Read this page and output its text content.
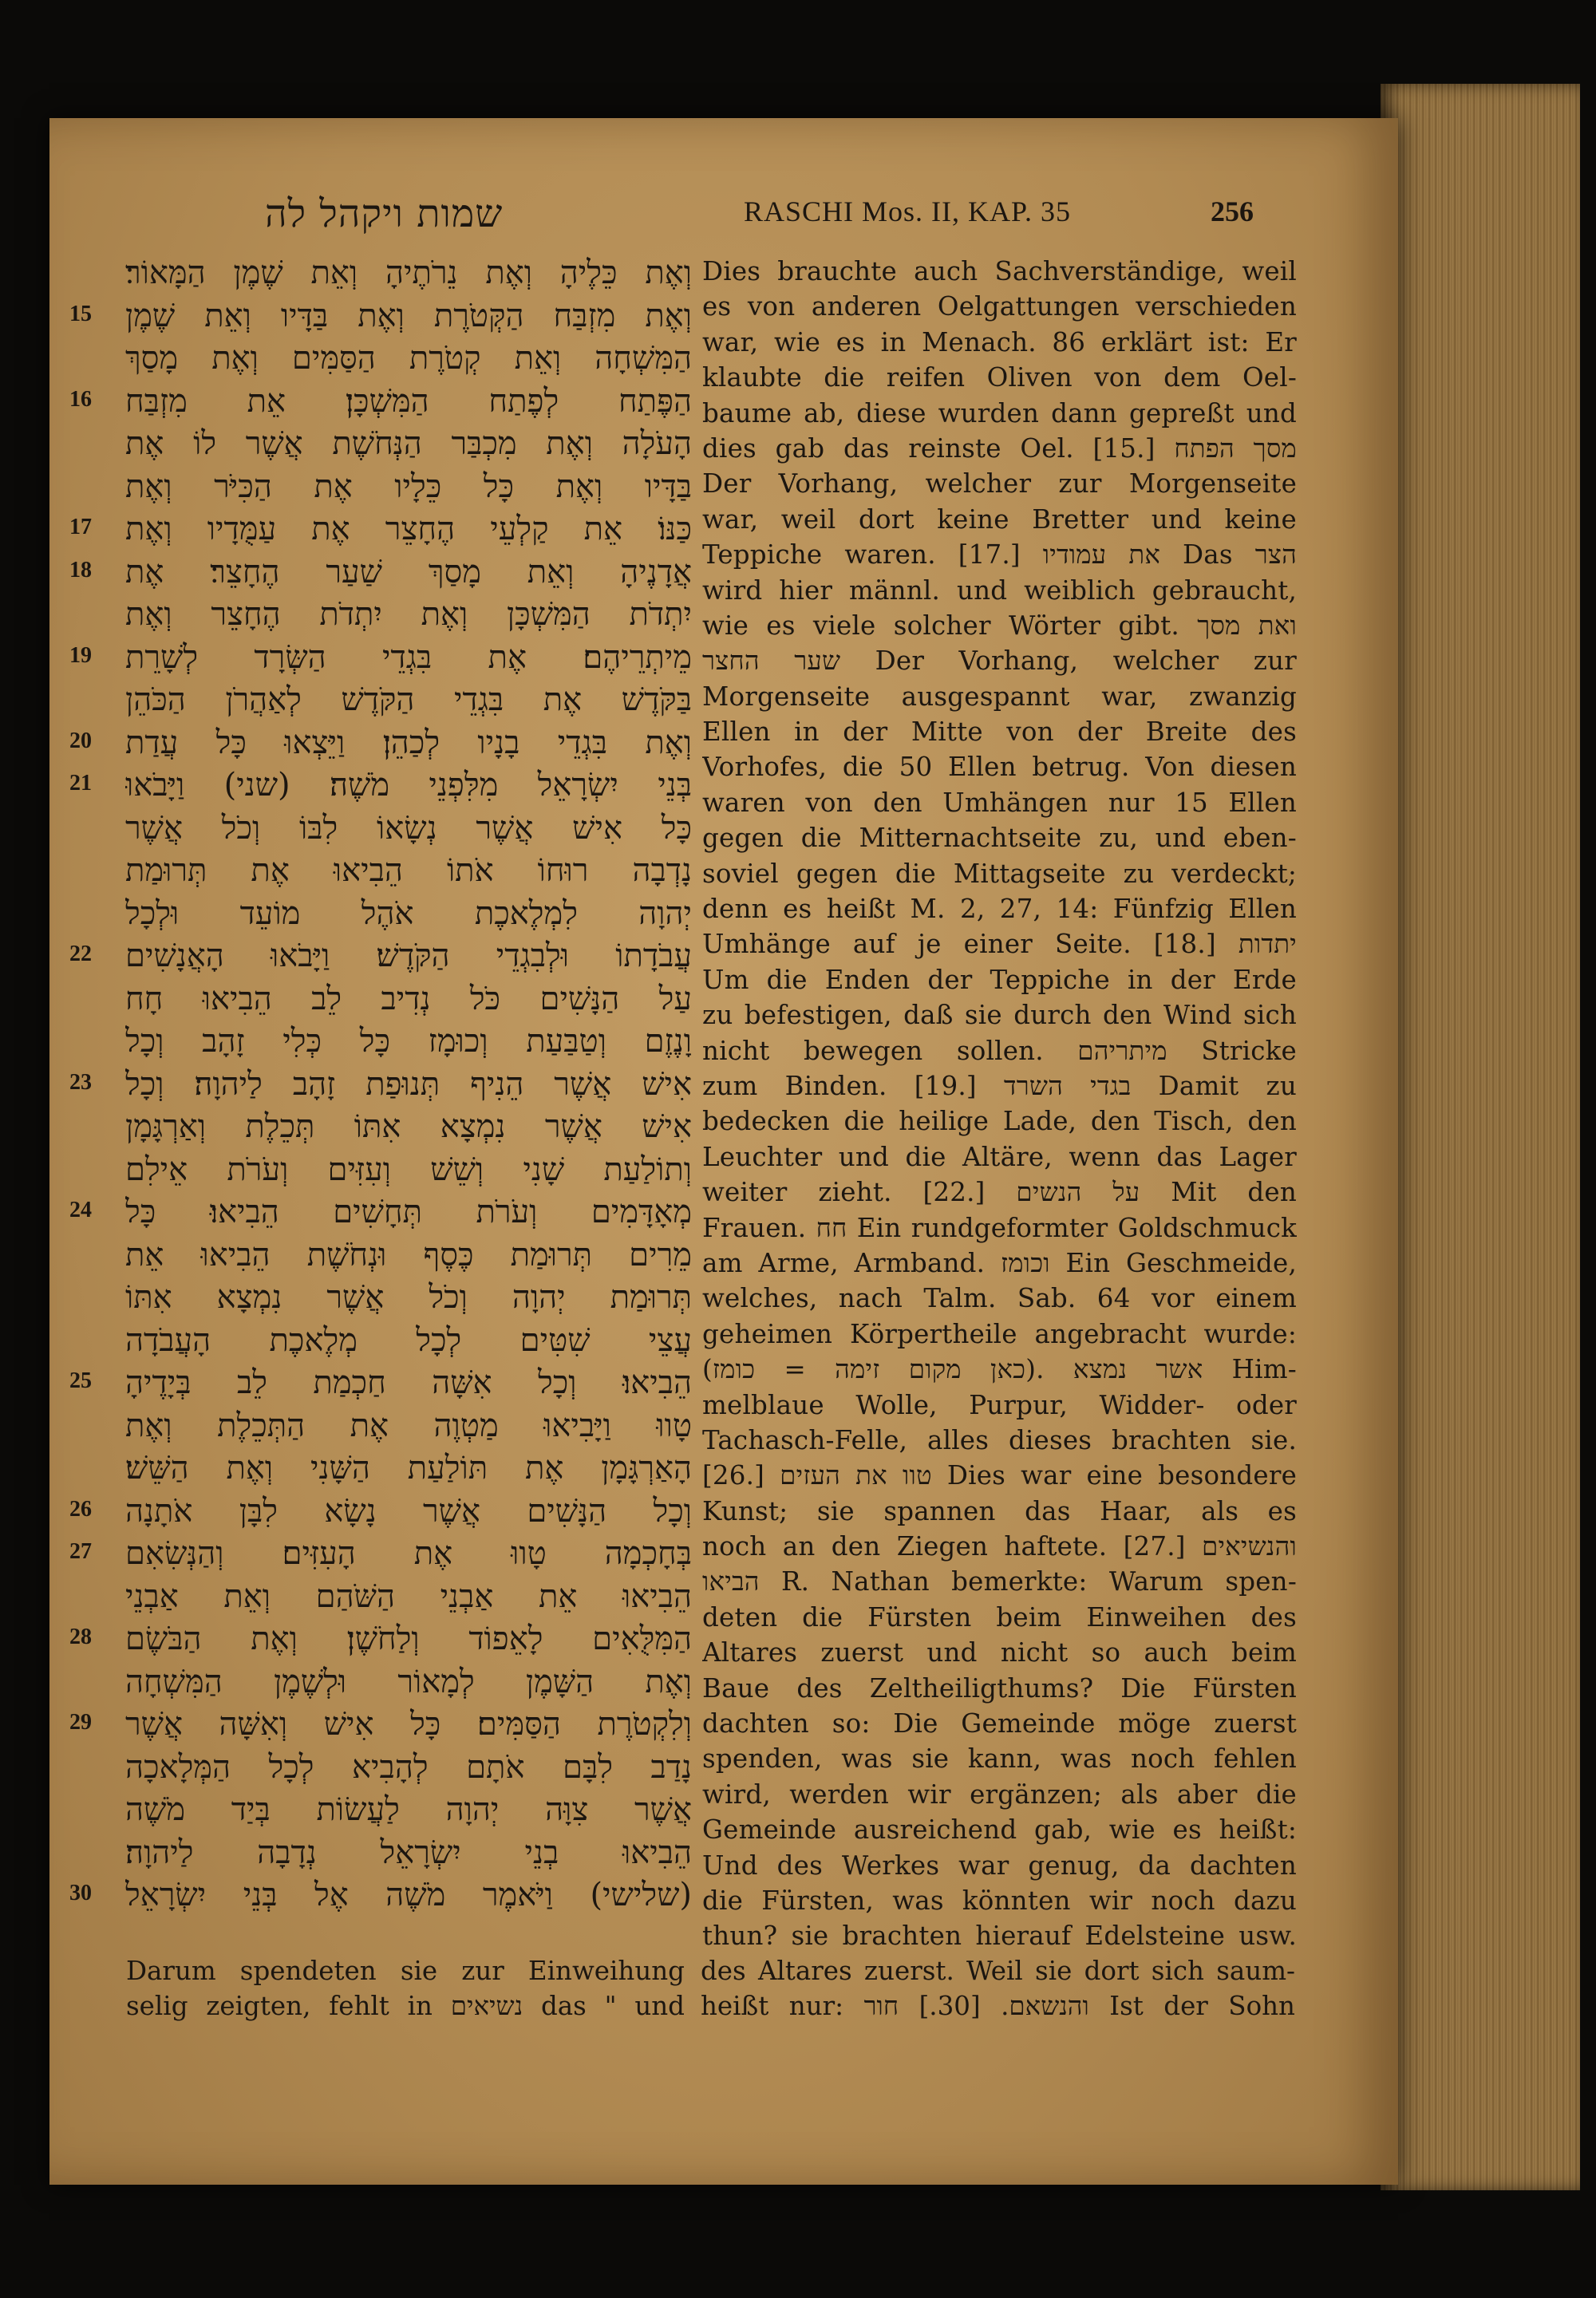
שמות ויקהל לה	RASCHI Mos. II, KAP. 35	256
וְאֶת כֵּלֶיהָ וְאֶת נֵרֹתֶיהָ וְאֵת שֶׁמֶן הַמָּאוֹר׃
וְאֶת מִזְבַּח הַקְּטֹרֶת וְאֶת בַּדָּיו וְאֵת שֶׁמֶן
הַמִּשְׁחָה וְאֵת קְטֹרֶת הַסַּמִּים וְאֶת מָסַךְ
הַפֶּתַח לְפֶתַח הַמִּשְׁכָּן׃ אֵת מִזְבַּח
הָעֹלָה וְאֶת מִכְבַּר הַנְּחֹשֶׁת אֲשֶׁר לוֹ אֶת
בַּדָּיו וְאֶת כָּל כֵּלָיו אֶת הַכִּיֹּר וְאֶת
כַּנּוֹ׃ אֵת קַלְעֵי הֶחָצֵר אֶת עַמֻּדָיו וְאֶת
אֲדָנֶיהָ וְאֵת מָסַךְ שַׁעַר הֶחָצֵר׃ אֶת
יִתְדֹת הַמִּשְׁכָּן וְאֶת יִתְדֹת הֶחָצֵר וְאֶת
מֵיתְרֵיהֶם׃ אֶת בִּגְדֵי הַשְּׂרָד לְשָׁרֵת
בַּקֹּדֶשׁ אֶת בִּגְדֵי הַקֹּדֶשׁ לְאַהֲרֹן הַכֹּהֵן
וְאֶת בִּגְדֵי בָנָיו לְכַהֵן׃ וַיֵּצְאוּ כָּל עֲדַת
בְּנֵי יִשְׂרָאֵל מִלִּפְנֵי מֹשֶׁה׃ (שני) וַיָּבֹאוּ
כָּל אִישׁ אֲשֶׁר נְשָׂאוֹ לִבּוֹ וְכֹל אֲשֶׁר
נָדְבָה רוּחוֹ אֹתוֹ הֵבִיאוּ אֶת תְּרוּמַת
יְהוָה לִמְלֶאכֶת אֹהֶל מוֹעֵד וּלְכָל
עֲבֹדָתוֹ וּלְבִגְדֵי הַקֹּדֶשׁ׃ וַיָּבֹאוּ הָאֲנָשִׁים
עַל הַנָּשִׁים כֹּל נְדִיב לֵב הֵבִיאוּ חָח
וָנֶזֶם וְטַבַּעַת וְכוּמָז כָּל כְּלִי זָהָב וְכָל
אִישׁ אֲשֶׁר הֵנִיף תְּנוּפַת זָהָב לַיהוָה׃ וְכָל
אִישׁ אֲשֶׁר נִמְצָא אִתּוֹ תְּכֵלֶת וְאַרְגָּמָן
וְתוֹלַעַת שָׁנִי וְשֵׁשׁ וְעִזִּים וְעֹרֹת אֵילִם
מְאָדָּמִים וְעֹרֹת תְּחָשִׁים הֵבִיאוּ׃ כָּל
מֵרִים תְּרוּמַת כֶּסֶף וּנְחֹשֶׁת הֵבִיאוּ אֵת
תְּרוּמַת יְהוָה וְכֹל אֲשֶׁר נִמְצָא אִתּוֹ
עֲצֵי שִׁטִּים לְכָל מְלֶאכֶת הָעֲבֹדָה
הֵבִיאוּ׃ וְכָל אִשָּׁה חַכְמַת לֵב בְּיָדֶיהָ
טָווּ וַיָּבִיאוּ מַטְוֶה אֶת הַתְּכֵלֶת וְאֶת
הָאַרְגָּמָן אֶת תּוֹלַעַת הַשָּׁנִי וְאֶת הַשֵּׁשׁ׃
וְכָל הַנָּשִׁים אֲשֶׁר נָשָׂא לִבָּן אֹתָנָה
בְּחָכְמָה טָווּ אֶת הָעִזִּים׃ וְהַנְּשִׂאִם
הֵבִיאוּ אֵת אַבְנֵי הַשֹּׁהַם וְאֵת אַבְנֵי
הַמִּלֻּאִים לָאֵפוֹד וְלַחֹשֶׁן׃ וְאֶת הַבֹּשֶׂם
וְאֶת הַשָּׁמֶן לְמָאוֹר וּלְשֶׁמֶן הַמִּשְׁחָה
וְלִקְטֹרֶת הַסַּמִּים׃ כָּל אִישׁ וְאִשָּׁה אֲשֶׁר
נָדַב לִבָּם אֹתָם לְהָבִיא לְכָל הַמְּלָאכָה
אֲשֶׁר צִוָּה יְהוָה לַעֲשׂוֹת בְּיַד מֹשֶׁה
הֵבִיאוּ בְנֵי יִשְׂרָאֵל נְדָבָה לַיהוָה׃
(שלישי) וַיֹּאמֶר מֹשֶׁה אֶל בְּנֵי יִשְׂרָאֵל
Dies brauchte auch Sachverständige, weil
es von anderen Oelgattungen verschieden
war, wie es in Menach. 86 erklärt ist: Er
klaubte die reifen Oliven von dem Oel-
baume ab, diese wurden dann gepreßt und
dies gab das reinste Oel. [15.] מסך הפתח
Der Vorhang, welcher zur Morgenseite
war, weil dort keine Bretter und keine
Teppiche waren. [17.] את עמודיו Das הצר
wird hier männl. und weiblich gebraucht,
wie es viele solcher Wörter gibt. ואת מסך
שער החצר Der Vorhang, welcher zur
Morgenseite ausgespannt war, zwanzig
Ellen in der Mitte von der Breite des
Vorhofes, die 50 Ellen betrug. Von diesen
waren von den Umhängen nur 15 Ellen
gegen die Mitternachtseite zu, und eben-
soviel gegen die Mittagseite zu verdeckt;
denn es heißt M. 2, 27, 14: Fünfzig Ellen
Umhänge auf je einer Seite. [18.] יתדות
Um die Enden der Teppiche in der Erde
zu befestigen, daß sie durch den Wind sich
nicht bewegen sollen. מיתריהם Stricke
zum Binden. [19.] בגדי השרד Damit zu
bedecken die heilige Lade, den Tisch, den
Leuchter und die Altäre, wenn das Lager
weiter zieht. [22.] על הנשים Mit den
Frauen. חח Ein rundgeformter Goldschmuck
am Arme, Armband. וכומז Ein Geschmeide,
welches, nach Talm. Sab. 64 vor einem
geheimen Körpertheile angebracht wurde:
(כאן מקום זימה = כומז). אשר נמצא Him-
melblaue Wolle, Purpur, Widder- oder
Tachasch-Felle, alles dieses brachten sie.
[26.] טוו את העזים Dies war eine besondere
Kunst; sie spannen das Haar, als es
noch an den Ziegen haftete. [27.] והנשיאים
הביאו R. Nathan bemerkte: Warum spen-
deten die Fürsten beim Einweihen des
Altares zuerst und nicht so auch beim
Baue des Zeltheiligthums? Die Fürsten
dachten so: Die Gemeinde möge zuerst
spenden, was sie kann, was noch fehlen
wird, werden wir ergänzen; als aber die
Gemeinde ausreichend gab, wie es heißt:
Und des Werkes war genug, da dachten
die Fürsten, was könnten wir noch dazu
thun? sie brachten hierauf Edelsteine usw.
Darum spendeten sie zur Einweihung des Altares zuerst. Weil sie dort sich saum-
selig zeigten, fehlt in נשיאים das " und heißt nur: והנשאם. [30.] חור Ist der Sohn
15
16
17
18
19
20
21
22
23
24
25
26
27
28
29
30
